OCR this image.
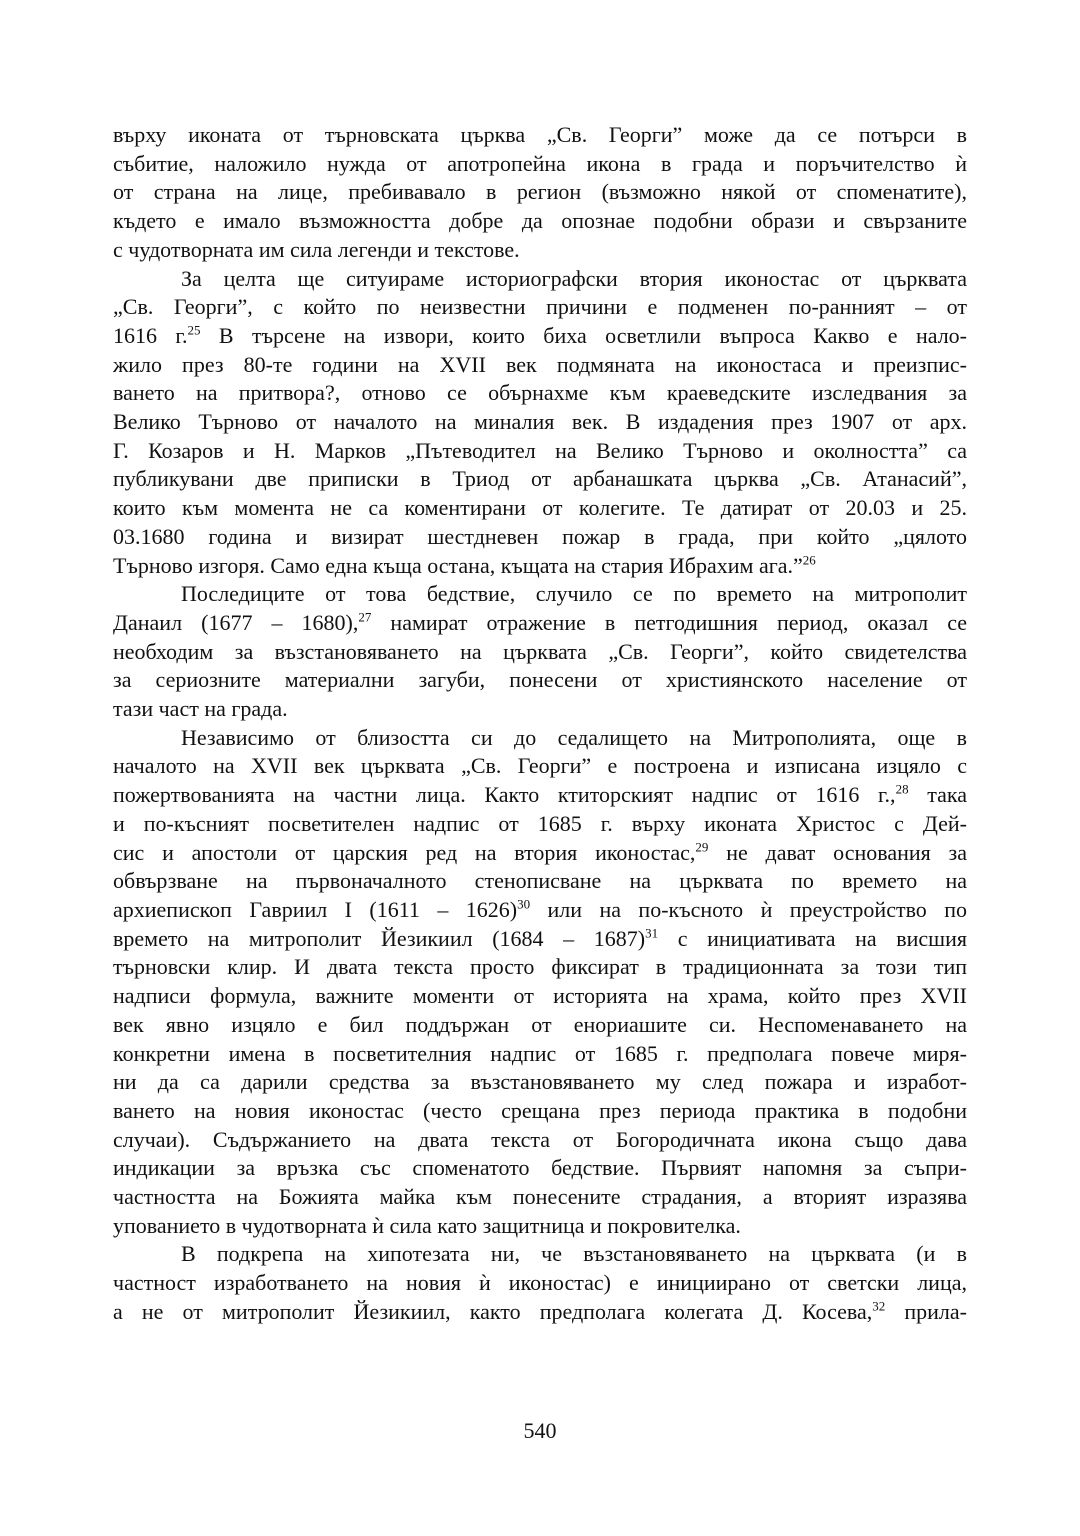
върху иконата от търновската църква „Св. Георги” може да се потърси в
събитие, наложило нужда от апотропейна икона в града и поръчителство ѝ
от страна на лице, пребивавало в регион (възможно някой от споменатите),
където е имало възможността добре да опознае подобни образи и свързаните
с чудотворната им сила легенди и текстове.
За целта ще ситуираме историографски втория иконостас от църквата
„Св. Георги”, с който по неизвестни причини е подменен по-ранният – от
1616 г.$^{25}$ В търсене на извори, които биха осветлили въпроса Какво е нало-
жило през 80-те години на XVII век подмяната на иконостаса и преизпис-
ването на притвора?, отново се обърнахме към краеведските изследвания за
Велико Търново от началото на миналия век. В издадения през 1907 от арх.
Г. Козаров и Н. Марков „Пътеводител на Велико Търново и околността” са
публикувани две приписки в Триод от арбанашката църква „Св. Атанасий”,
които към момента не са коментирани от колегите. Те датират от 20.03 и 25.
03.1680 година и визират шестдневен пожар в града, при който „цялото
Търново изгоря. Само една къща остана, къщата на стария Ибрахим ага.”$^{26}$
Последиците от това бедствие, случило се по времето на митрополит
Данаил (1677 – 1680),$^{27}$ намират отражение в петгодишния период, оказал се
необходим за възстановяването на църквата „Св. Георги”, който свидетелства
за сериозните материални загуби, понесени от християнското население от
тази част на града.
Независимо от близостта си до седалището на Митрополията, още в
началото на XVII век църквата „Св. Георги” е построена и изписана изцяло с
пожертвованията на частни лица. Както ктиторският надпис от 1616 г.,$^{28}$ така
и по-късният посветителен надпис от 1685 г. върху иконата Христос с Дей-
сис и апостоли от царския ред на втория иконостас,$^{29}$ не дават основания за
обвързване на първоначалното стенописване на църквата по времето на
архиепископ Гавриил I (1611 – 1626)$^{30}$ или на по-късното ѝ преустройство по
времето на митрополит Йезикиил (1684 – 1687)$^{31}$ с инициативата на висшия
търновски клир. И двата текста просто фиксират в традиционната за този тип
надписи формула, важните моменти от историята на храма, който през XVII
век явно изцяло е бил поддържан от енориашите си. Неспоменаването на
конкретни имена в посветителния надпис от 1685 г. предполага повече миря-
ни да са дарили средства за възстановяването му след пожара и изработ-
ването на новия иконостас (често срещана през периода практика в подобни
случаи). Съдържанието на двата текста от Богородичната икона също дава
индикации за връзка със споменатото бедствие. Първият напомня за съпри-
частността на Божията майка към понесените страдания, а вторият изразява
упованието в чудотворната ѝ сила като защитница и покровителка.
В подкрепа на хипотезата ни, че възстановяването на църквата (и в
частност изработването на новия ѝ иконостас) е инициирано от светски лица,
а не от митрополит Йезикиил, както предполага колегата Д. Косева,$^{32}$ прила-
540
